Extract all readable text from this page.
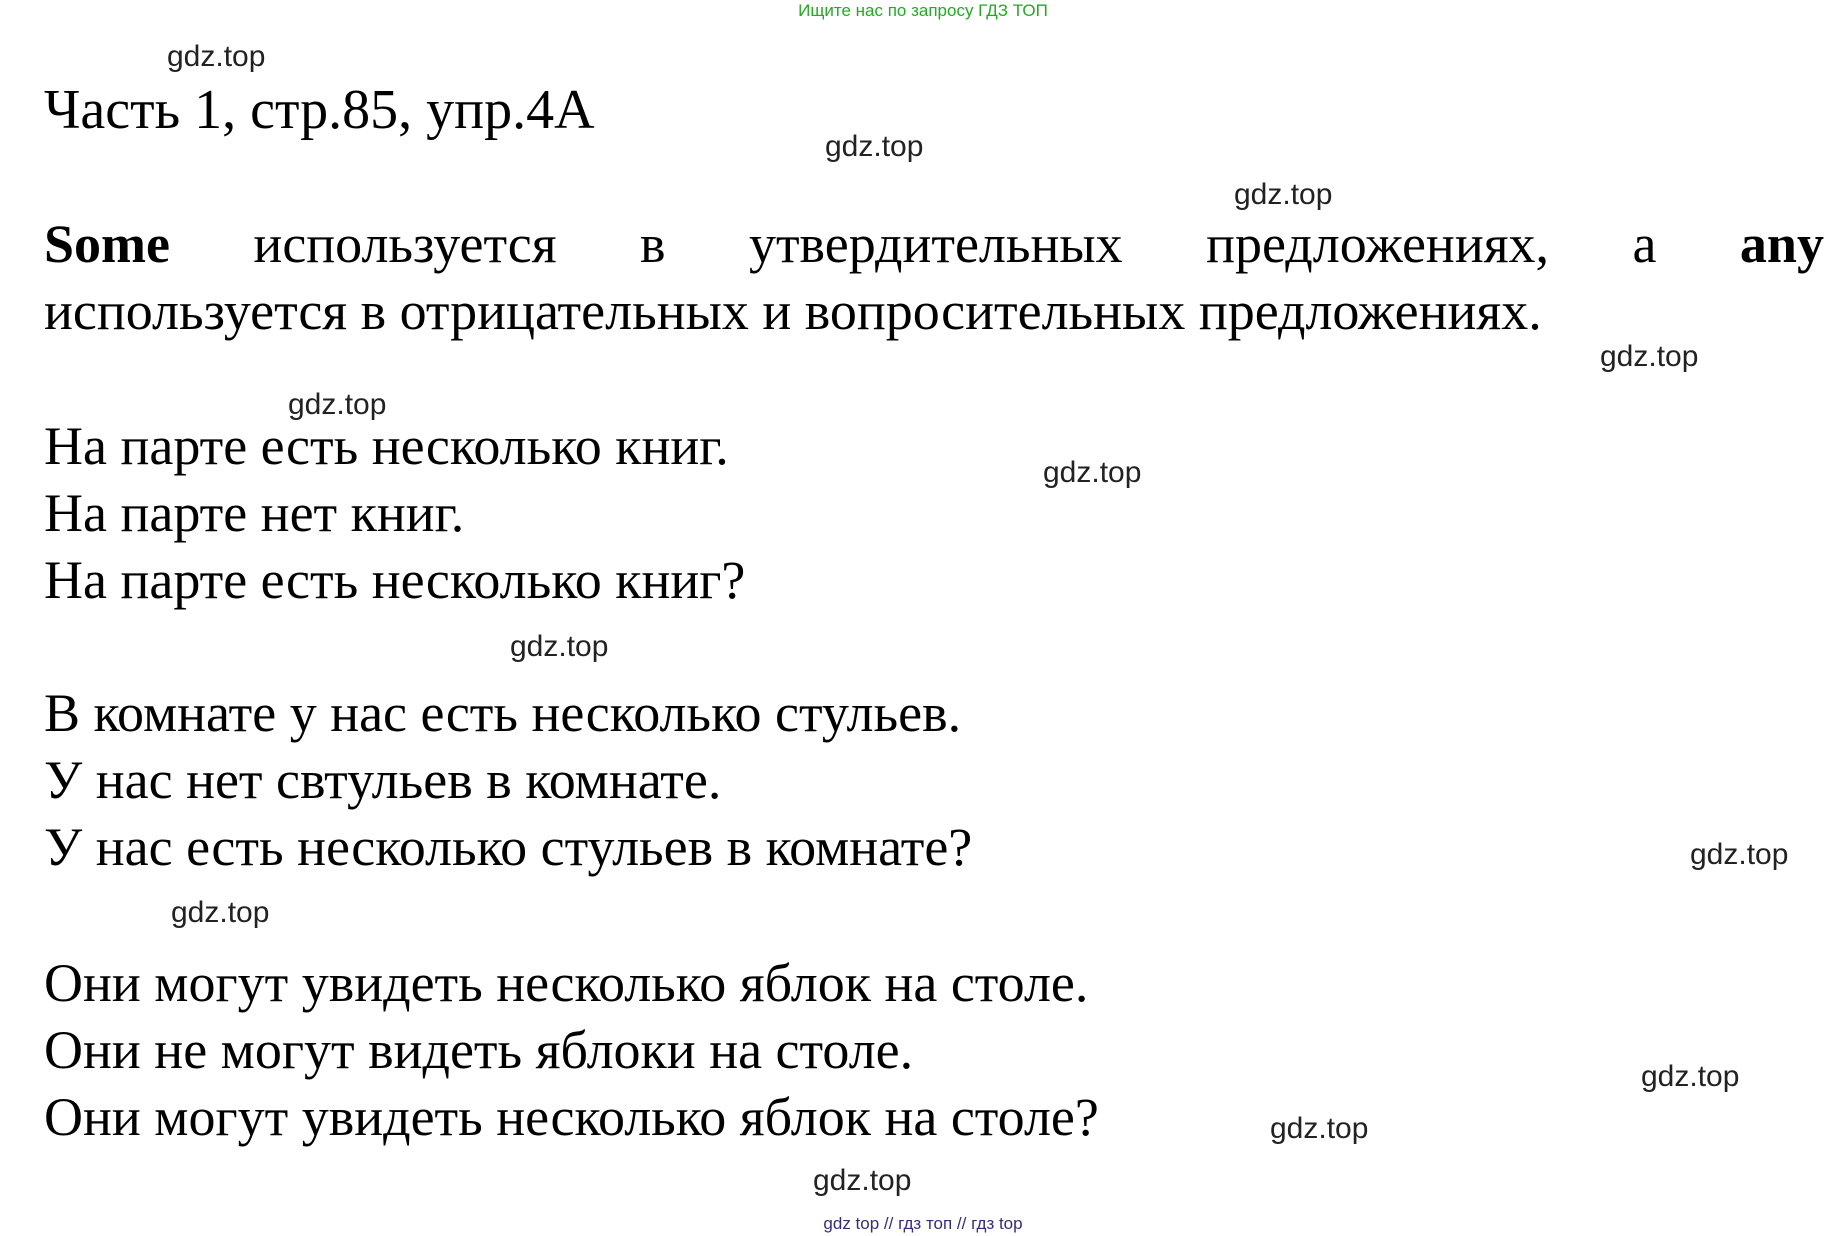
Ищите нас по запросу ГДЗ ТОП
gdz.top
gdz.top
gdz.top
gdz.top
gdz.top
gdz.top
gdz.top
gdz.top
gdz.top
gdz.top
gdz.top
gdz.top
Часть 1, стр.85, упр.4А
Some используется в утвердительных предложениях, а any
используется в отрицательных и вопросительных предложениях.
На парте есть несколько книг.
На парте нет книг.
На парте есть несколько книг?
В комнате у нас есть несколько стульев.
У нас нет свтульев в комнате.
У нас есть несколько стульев в комнате?
Они могут увидеть несколько яблок на столе.
Они не могут видеть яблоки на столе.
Они могут увидеть несколько яблок на столе?
gdz top // гдз топ // гдз top
